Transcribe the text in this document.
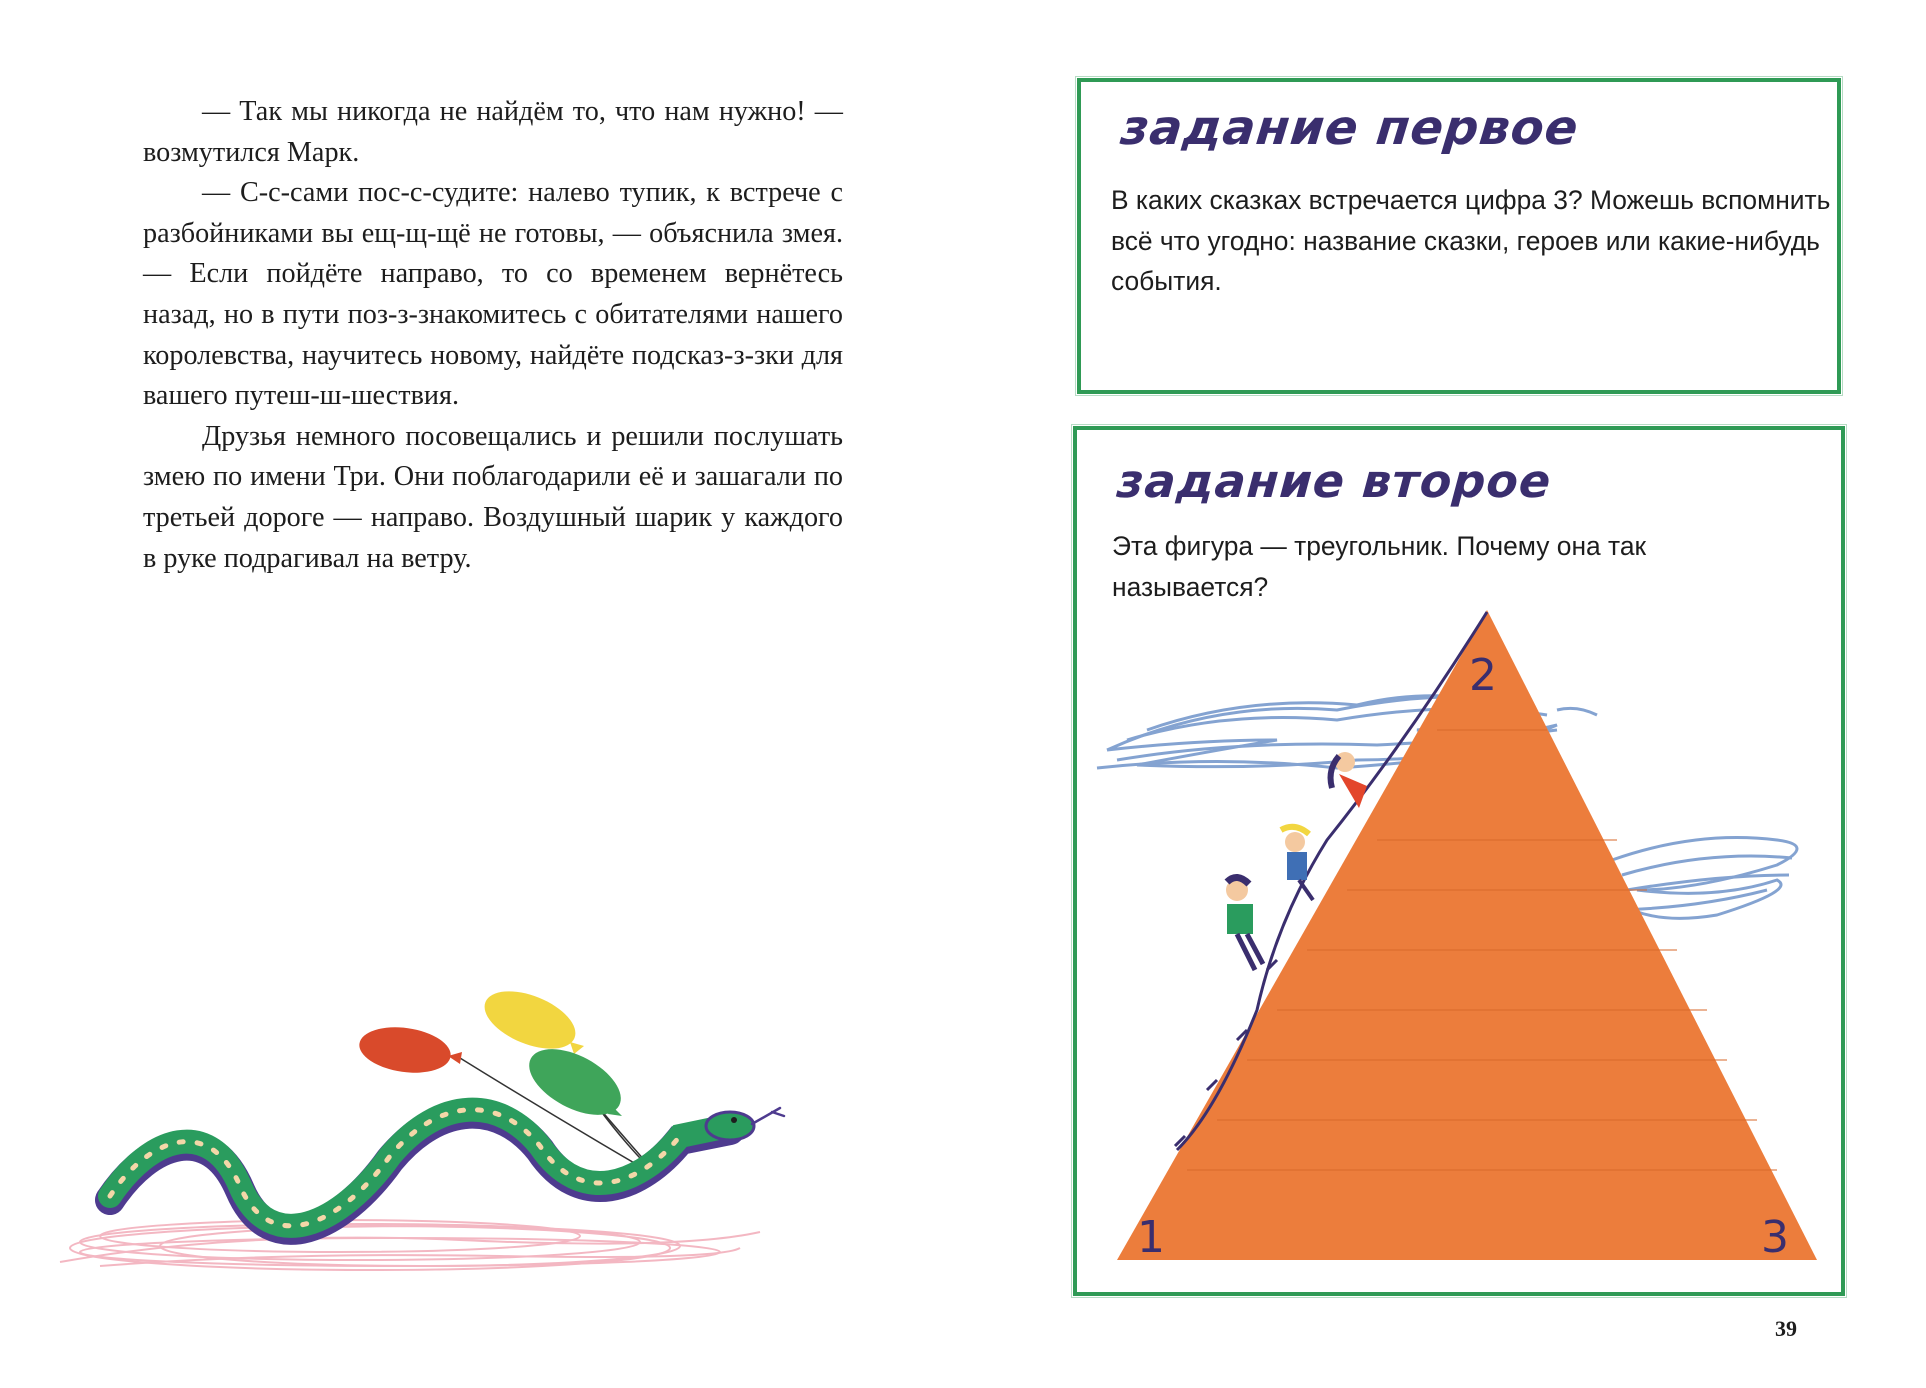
— Так мы никогда не найдём то, что нам нужно! — возмутился Марк.

— С-с-сами пос-с-судите: налево тупик, к встрече с разбойниками вы ещ-щ-щё не готовы, — объяснила змея. — Если пойдёте направо, то со временем вернётесь назад, но в пути поз-з-знакомитесь с обитателями нашего королевства, научитесь новому, найдёте подсказ-з-зки для вашего путеш-ш-шествия.

Друзья немного посовещались и решили послушать змею по имени Три. Они поблагодарили её и зашагали по третьей дороге — направо. Воздушный шарик у каждого в руке подрагивал на ветру.

задание первое
В каких сказках встречается цифра 3? Можешь вспомнить всё что угодно: название сказки, героев или какие-нибудь события.
задание второе
Эта фигура — треугольник. Почему она так называется?
1
2
3
39
